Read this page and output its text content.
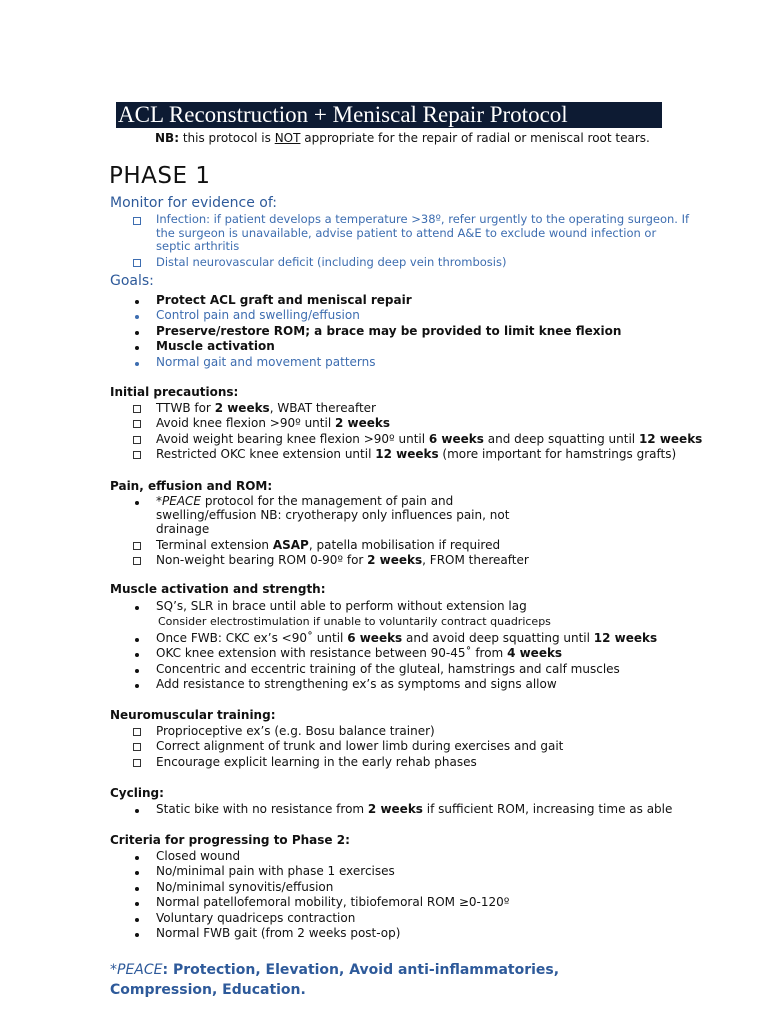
ACL Reconstruction + Meniscal Repair Protocol
NB: this protocol is NOT appropriate for the repair of radial or meniscal root tears.
PHASE 1
Monitor for evidence of:
Infection: if patient develops a temperature >38º, refer urgently to the operating surgeon. If the surgeon is unavailable, advise patient to attend A&E to exclude wound infection or septic arthritis
Distal neurovascular deficit (including deep vein thrombosis)
Goals:
Protect ACL graft and meniscal repair
Control pain and swelling/effusion
Preserve/restore ROM; a brace may be provided to limit knee flexion
Muscle activation
Normal gait and movement patterns
Initial precautions:
TTWB for 2 weeks, WBAT thereafter
Avoid knee flexion >90º until 2 weeks
Avoid weight bearing knee flexion >90º until 6 weeks and deep squatting until 12 weeks
Restricted OKC knee extension until 12 weeks (more important for hamstrings grafts)
Pain, effusion and ROM:
*PEACE protocol for the management of pain and swelling/effusion NB: cryotherapy only influences pain, not drainage
Terminal extension ASAP, patella mobilisation if required
Non-weight bearing ROM 0-90º for 2 weeks, FROM thereafter
Muscle activation and strength:
SQ’s, SLR in brace until able to perform without extension lag
Consider electrostimulation if unable to voluntarily contract quadriceps
Once FWB: CKC ex’s <90˚ until 6 weeks and avoid deep squatting until 12 weeks
OKC knee extension with resistance between 90-45˚ from 4 weeks
Concentric and eccentric training of the gluteal, hamstrings and calf muscles
Add resistance to strengthening ex’s as symptoms and signs allow
Neuromuscular training:
Proprioceptive ex’s (e.g. Bosu balance trainer)
Correct alignment of trunk and lower limb during exercises and gait
Encourage explicit learning in the early rehab phases
Cycling:
Static bike with no resistance from 2 weeks if sufficient ROM, increasing time as able
Criteria for progressing to Phase 2:
Closed wound
No/minimal pain with phase 1 exercises
No/minimal synovitis/effusion
Normal patellofemoral mobility, tibiofemoral ROM ≥0-120º
Voluntary quadriceps contraction
Normal FWB gait (from 2 weeks post-op)
*PEACE: Protection, Elevation, Avoid anti-inflammatories, Compression, Education.
